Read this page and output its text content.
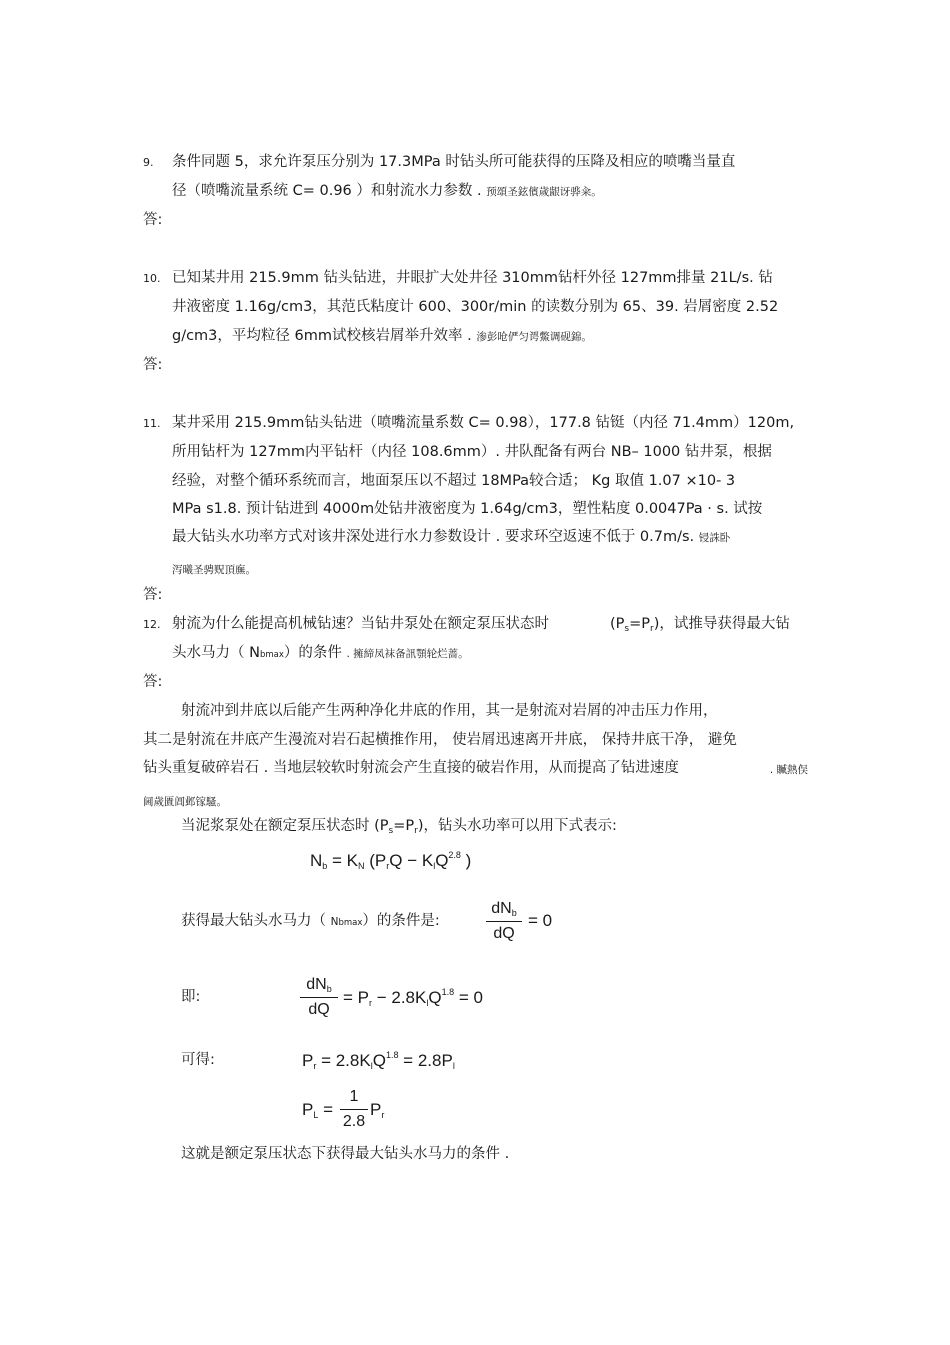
9. 条件同题 5，求允许泵压分别为 17.3MPa 时钻头所可能获得的压降及相应的喷嘴当量直
径（喷嘴流量系统 C= 0.96 ）和射流水力参数 . 预頌圣鉉儐歲龈讶骅籴。
答:
10. 已知某井用 215.9mm 钻头钻进，井眼扩大处井径 310mm钻杆外径 127mm排量 21L/s. 钻
井液密度 1.16g/cm3，其范氏粘度计 600、300r/min 的读数分别为 65、39. 岩屑密度 2.52
g/cm3，平均粒径 6mm试校核岩屑举升效率 . 渗彭呛俨匀谔鱉调砚錦。
答:
11. 某井采用 215.9mm钻头钻进（喷嘴流量系数 C= 0.98），177.8 钻铤（内径 71.4mm）120m,
所用钻杆为 127mm内平钻杆（内径 108.6mm）. 井队配备有两台 NB– 1000 钻井泵，根据
经验，对整个循环系统而言，地面泵压以不超过 18MPa较合适； Kg 取值 1.07 ×10- 3
MPa s1.8. 预计钻进到 4000m处钻井液密度为 1.64g/cm3，塑性粘度 0.0047Pa · s. 试按
最大钻头水功率方式对该井深处进行水力参数设计 . 要求环空返速不低于 0.7m/s. 锓誅卧
泻曦圣骋贶頂廡。
答:
12. 射流为什么能提高机械钻速？当钻井泵处在额定泵压状态时	$(P_s=P_r)$，试推导获得最大钻
头水马力（ Nbmax）的条件 . 擁締凤袜备訊顎轮烂蔷。
答:
射流冲到井底以后能产生两种净化井底的作用，其一是射流对岩屑的冲击压力作用，
其二是射流在井底产生漫流对岩石起横推作用， 使岩屑迅速离开井底， 保持井底干净， 避免
钻头重复破碎岩石 . 当地层较软时射流会产生直接的破岩作用，从而提高了钻进速度	. 贓熱俣
阃歲匱阊邺镓騷。
当泥浆泵处在额定泵压状态时 $(P_s=P_r)$，钻头水功率可以用下式表示:
$N_b = K_N$ ($P_rQ - K_lQ^{2.8}$ )
获得最大钻头水马力（ Nbmax）的条件是:
$dN_b$
dQ
= 0
即:
$dN_b$
dQ
= $P_r - 2.8K_lQ^{1.8} = 0$
可得:	$P_r = 2.8K_lQ^{1.8} = 2.8P_l$
$P_L$ =
1
2.8
$P_r$
这就是额定泵压状态下获得最大钻头水马力的条件 .
